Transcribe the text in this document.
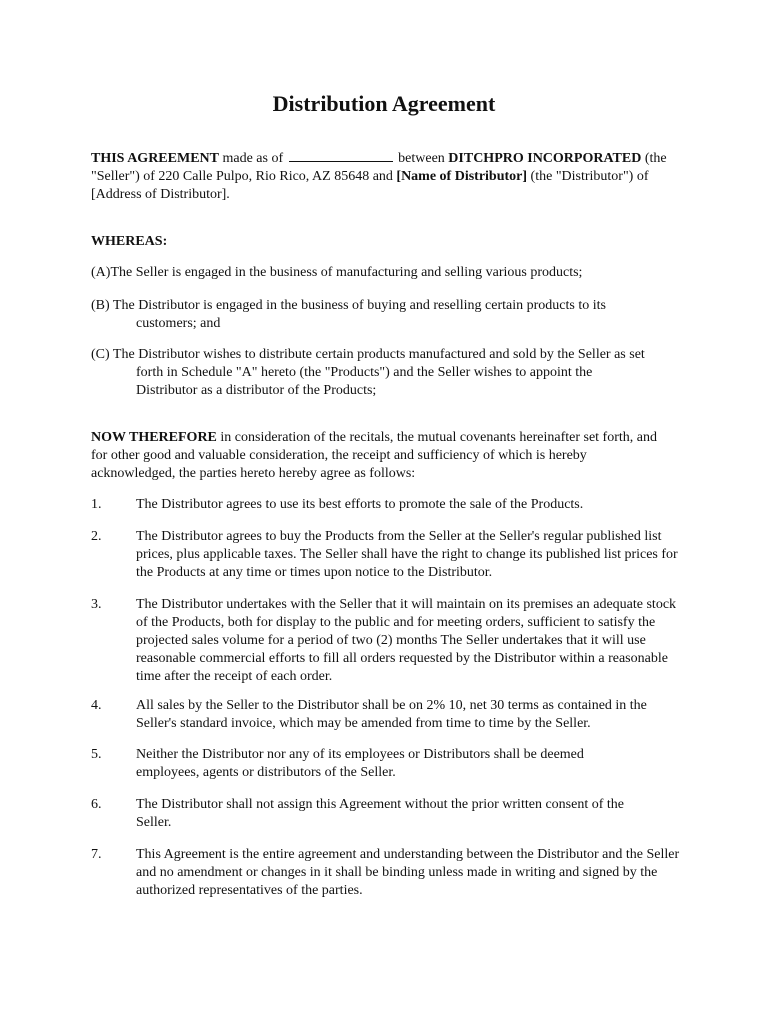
Distribution Agreement

THIS AGREEMENT made as of	between DITCHPRO INCORPORATED (the "Seller") of 220 Calle Pulpo, Rio Rico, AZ 85648 and [Name of Distributor] (the "Distributor") of [Address of Distributor].

WHEREAS:

(A)The Seller is engaged in the business of manufacturing and selling various products;
(B) The Distributor is engaged in the business of buying and reselling certain products to its
customers; and
(C) The Distributor wishes to distribute certain products manufactured and sold by the Seller as set
forth in Schedule "A" hereto (the "Products") and the Seller wishes to appoint the Distributor as a distributor of the Products;

NOW THEREFORE in consideration of the recitals, the mutual covenants hereinafter set forth, and for other good and valuable consideration, the receipt and sufficiency of which is hereby acknowledged, the parties hereto hereby agree as follows:

1.	The Distributor agrees to use its best efforts to promote the sale of the Products.
2.	The Distributor agrees to buy the Products from the Seller at the Seller's regular published list prices, plus applicable taxes. The Seller shall have the right to change its published list prices for the Products at any time or times upon notice to the Distributor.
3.	The Distributor undertakes with the Seller that it will maintain on its premises an adequate stock of the Products, both for display to the public and for meeting orders, sufficient to satisfy the projected sales volume for a period of two (2) months The Seller undertakes that it will use reasonable commercial efforts to fill all orders requested by the Distributor within a reasonable time after the receipt of each order.
4.	All sales by the Seller to the Distributor shall be on 2% 10, net 30 terms as contained in the Seller's standard invoice, which may be amended from time to time by the Seller.
5.	Neither the Distributor nor any of its employees or Distributors shall be deemed employees, agents or distributors of the Seller.
6.	The Distributor shall not assign this Agreement without the prior written consent of the Seller.
7.	This Agreement is the entire agreement and understanding between the Distributor and the Seller and no amendment or changes in it shall be binding unless made in writing and signed by the authorized representatives of the parties.
